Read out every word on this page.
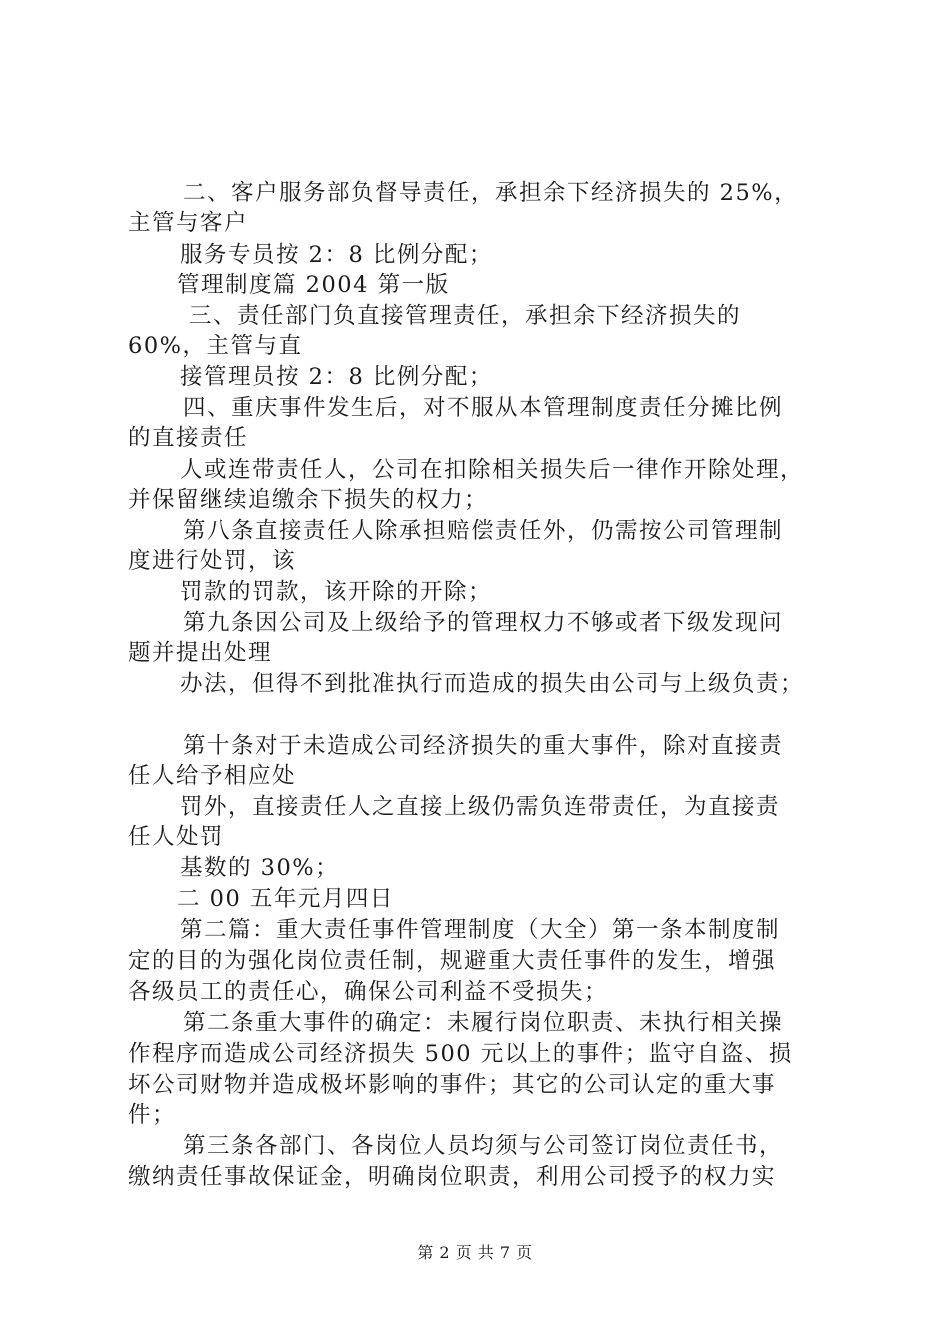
二、客户服务部负督导责任，承担余下经济损失的 25%，
主管与客户
服务专员按 2：8 比例分配；
管理制度篇 2004 第一版
三、责任部门负直接管理责任，承担余下经济损失的
60%，主管与直
接管理员按 2：8 比例分配；
四、重庆事件发生后，对不服从本管理制度责任分摊比例
的直接责任
人或连带责任人，公司在扣除相关损失后一律作开除处理，
并保留继续追缴余下损失的权力；
第八条直接责任人除承担赔偿责任外，仍需按公司管理制
度进行处罚，该
罚款的罚款，该开除的开除；
第九条因公司及上级给予的管理权力不够或者下级发现问
题并提出处理
办法，但得不到批准执行而造成的损失由公司与上级负责；
第十条对于未造成公司经济损失的重大事件，除对直接责
任人给予相应处
罚外，直接责任人之直接上级仍需负连带责任，为直接责
任人处罚
基数的 30%；
二 00 五年元月四日
第二篇：重大责任事件管理制度（大全）第一条本制度制
定的目的为强化岗位责任制，规避重大责任事件的发生，增强
各级员工的责任心，确保公司利益不受损失；
第二条重大事件的确定：未履行岗位职责、未执行相关操
作程序而造成公司经济损失 500 元以上的事件；监守自盗、损
坏公司财物并造成极坏影响的事件；其它的公司认定的重大事
件；
第三条各部门、各岗位人员均须与公司签订岗位责任书，
缴纳责任事故保证金，明确岗位职责，利用公司授予的权力实
第 2 页 共 7 页
